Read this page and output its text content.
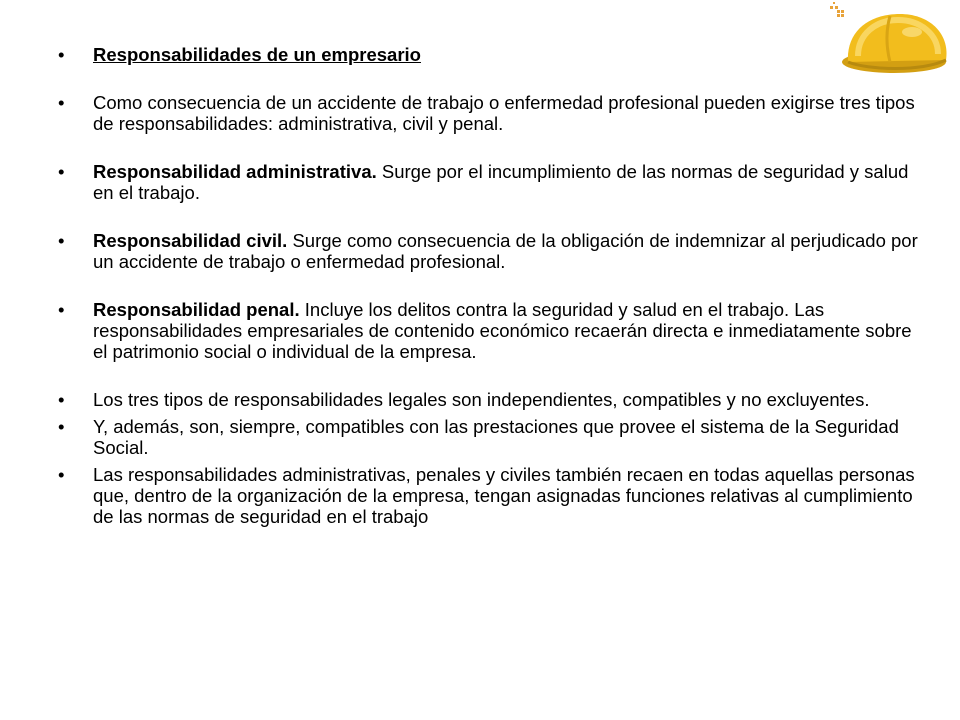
• Responsabilidades de un empresario
• Como consecuencia de un accidente de trabajo o enfermedad profesional pueden exigirse tres tipos de responsabilidades: administrativa, civil y penal.
• Responsabilidad administrativa. Surge por el incumplimiento de las normas de seguridad y salud en el trabajo.
• Responsabilidad civil. Surge como consecuencia de la obligación de indemnizar al perjudicado por un accidente de trabajo o enfermedad profesional.
• Responsabilidad penal. Incluye los delitos contra la seguridad y salud en el trabajo. Las responsabilidades empresariales de contenido económico recaerán directa e inmediatamente sobre el patrimonio social o individual de la empresa.
• Los tres tipos de responsabilidades legales son independientes, compatibles y no excluyentes.
• Y, además, son, siempre, compatibles con las prestaciones que provee el sistema de la Seguridad Social.
• Las responsabilidades administrativas, penales y civiles también recaen en todas aquellas personas que, dentro de la organización de la empresa, tengan asignadas funciones relativas al cumplimiento de las normas de seguridad en el trabajo
